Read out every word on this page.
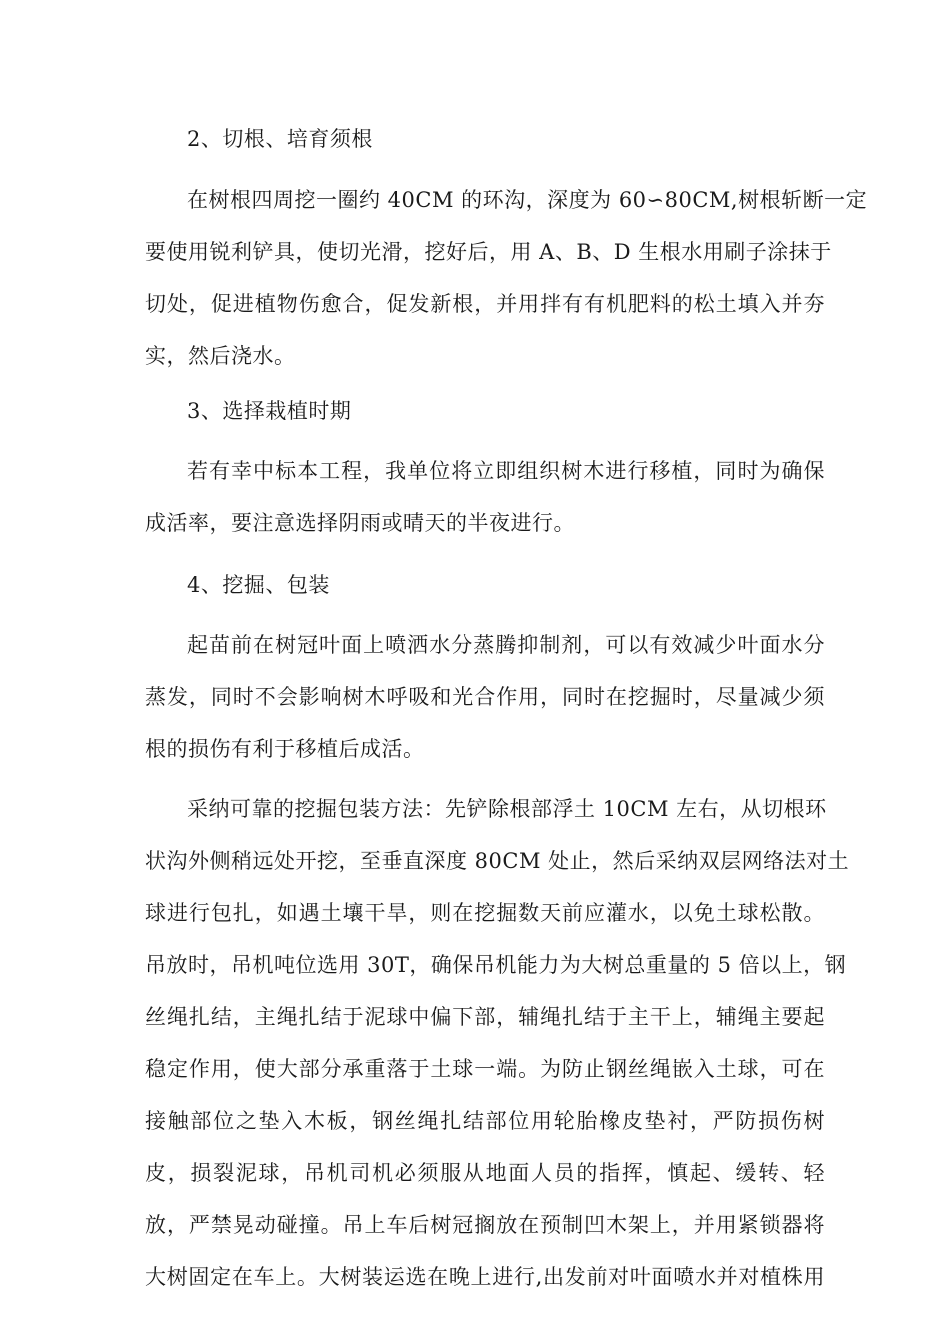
2、切根、培育须根

在树根四周挖一圈约 40CM 的环沟，深度为 60∽80CM,树根斩断一定

要使用锐利铲具，使切光滑，挖好后，用 A、B、D 生根水用刷子涂抹于

切处，促进植物伤愈合，促发新根，并用拌有有机肥料的松土填入并夯

实，然后浇水。

3、选择栽植时期

若有幸中标本工程，我单位将立即组织树木进行移植，同时为确保

成活率，要注意选择阴雨或晴天的半夜进行。

4、挖掘、包装

起苗前在树冠叶面上喷洒水分蒸腾抑制剂，可以有效减少叶面水分

蒸发，同时不会影响树木呼吸和光合作用，同时在挖掘时，尽量减少须

根的损伤有利于移植后成活。

采纳可靠的挖掘包装方法：先铲除根部浮土 10CM 左右，从切根环

状沟外侧稍远处开挖，至垂直深度 80CM 处止，然后采纳双层网络法对土

球进行包扎，如遇土壤干旱，则在挖掘数天前应灌水，以免土球松散。

吊放时，吊机吨位选用 30T，确保吊机能力为大树总重量的 5 倍以上，钢

丝绳扎结，主绳扎结于泥球中偏下部，辅绳扎结于主干上，辅绳主要起

稳定作用，使大部分承重落于土球一端。为防止钢丝绳嵌入土球，可在

接触部位之垫入木板，钢丝绳扎结部位用轮胎橡皮垫衬，严防损伤树

皮，损裂泥球，吊机司机必须服从地面人员的指挥，慎起、缓转、轻

放，严禁晃动碰撞。吊上车后树冠搁放在预制凹木架上，并用紧锁器将

大树固定在车上。大树装运选在晚上进行,出发前对叶面喷水并对植株用
